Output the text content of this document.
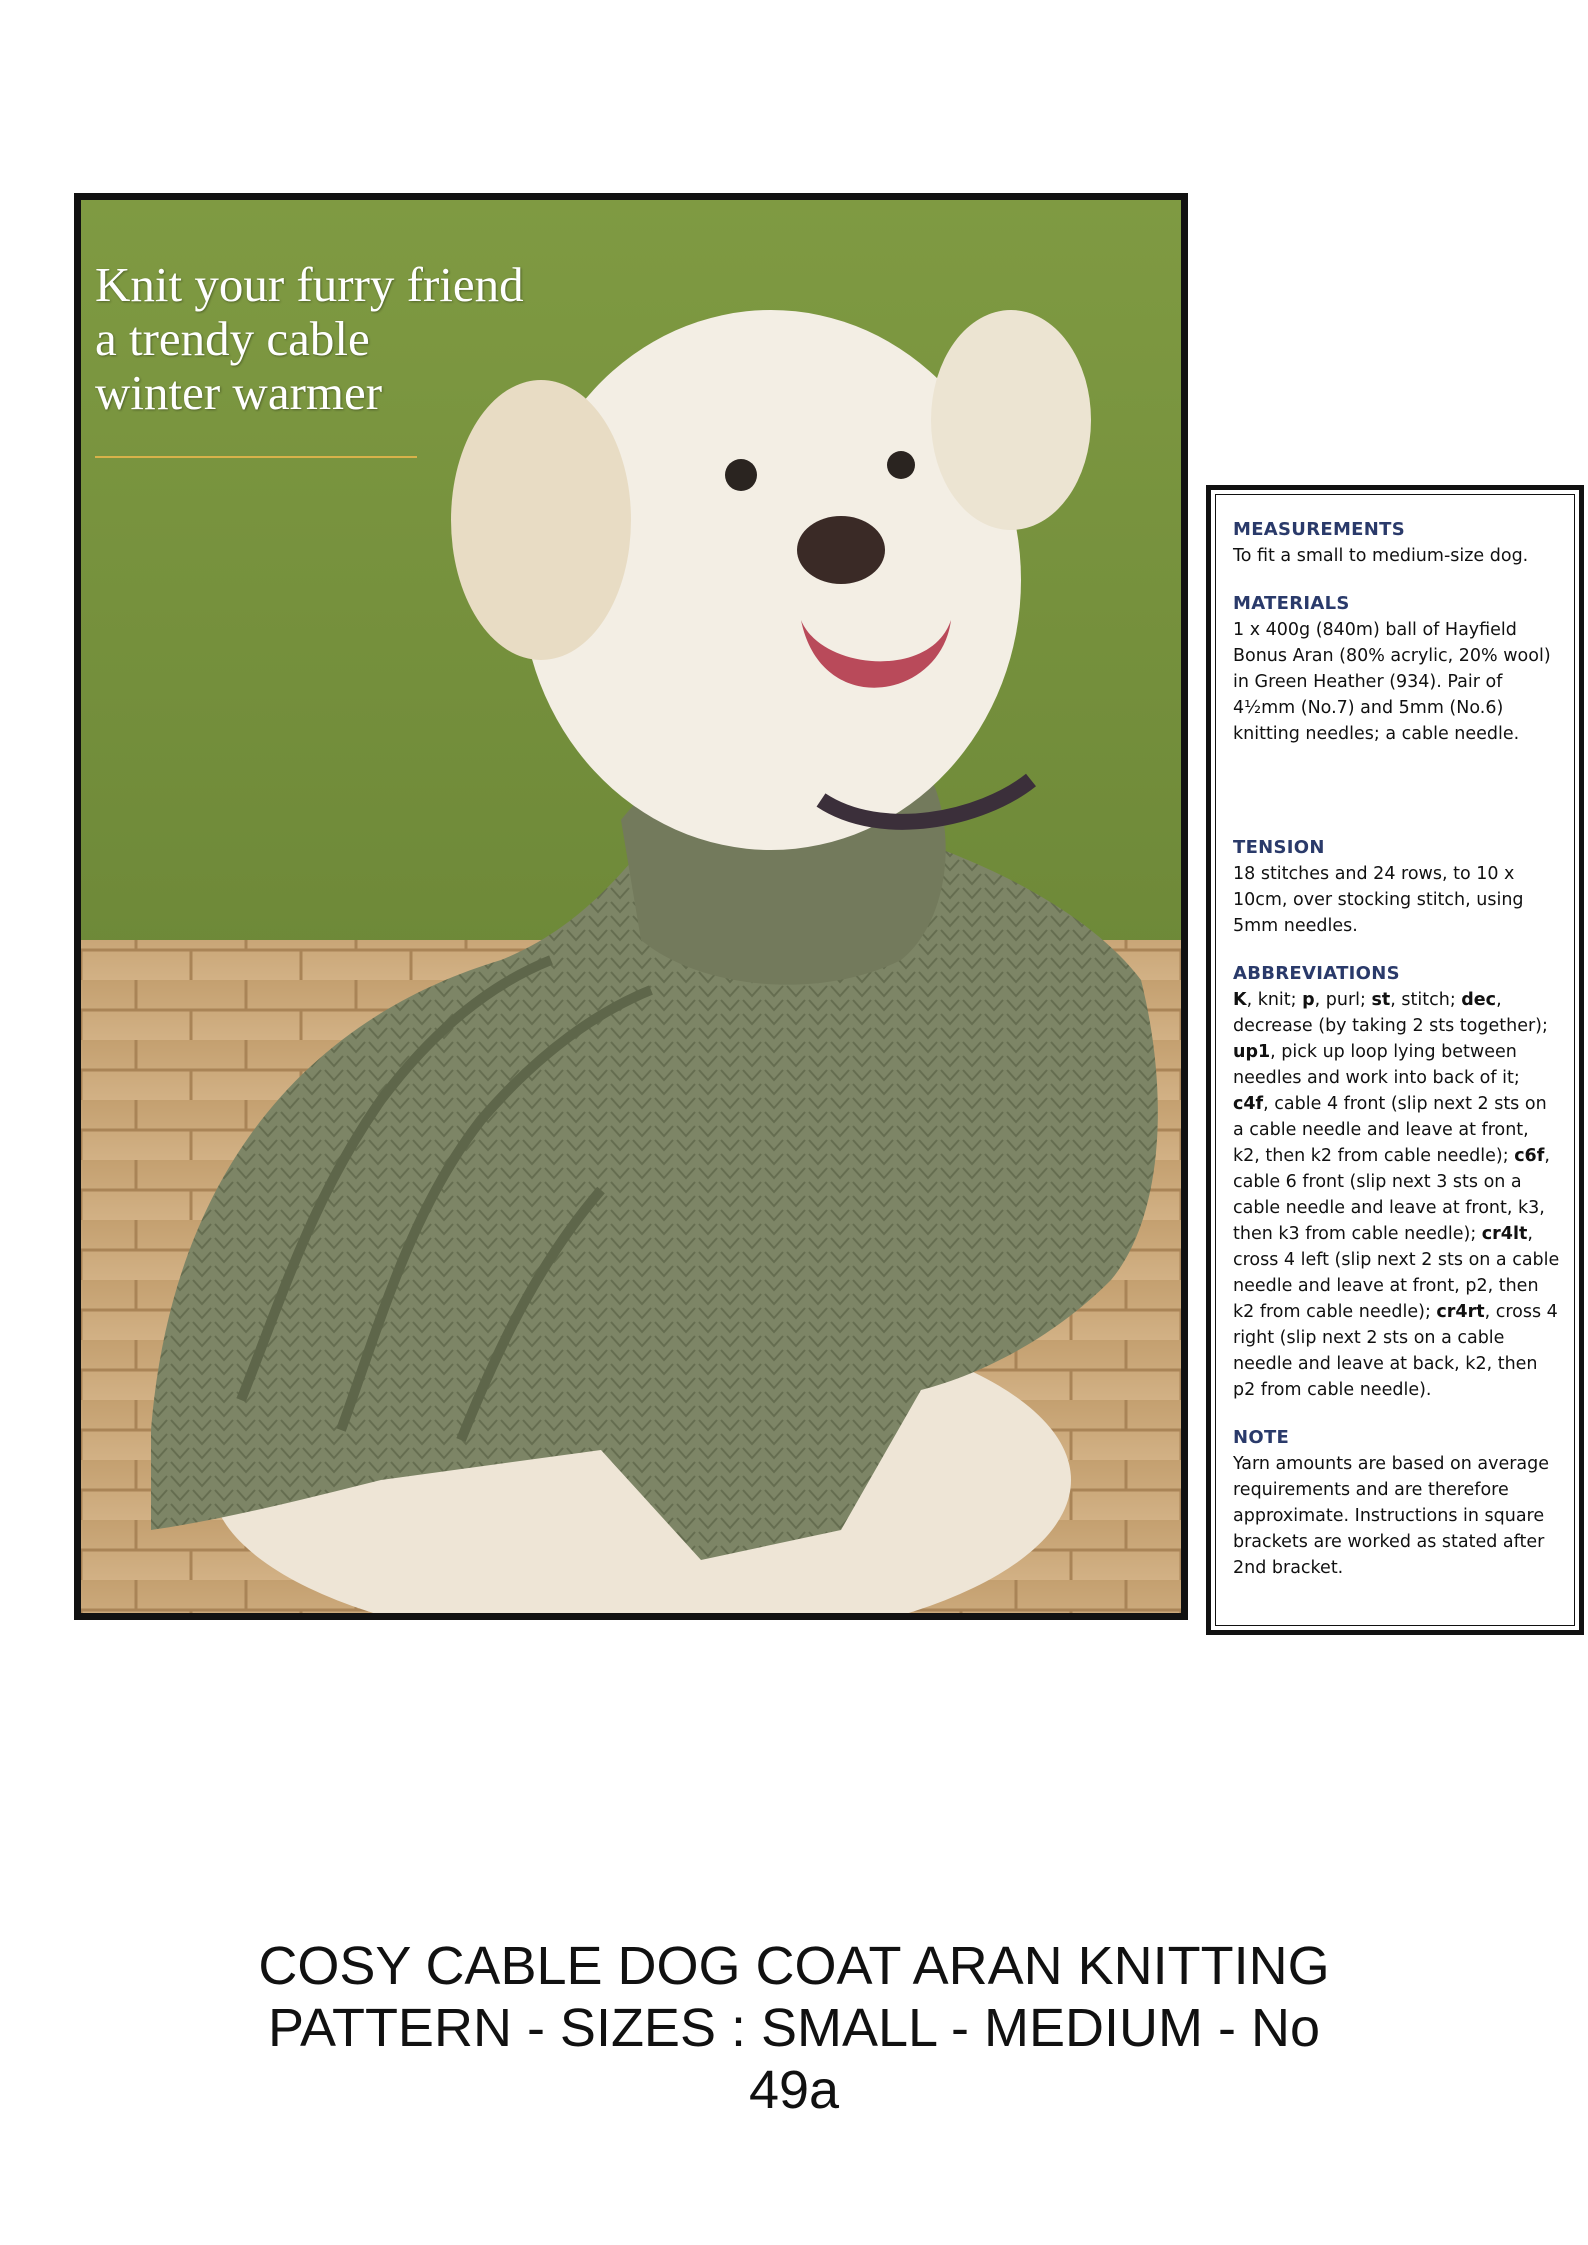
Knit your furry friend
a trendy cable
winter warmer
MEASUREMENTS

To fit a small to medium-size dog.

MATERIALS

1 x 400g (840m) ball of Hayfield Bonus Aran (80% acrylic, 20% wool) in Green Heather (934). Pair of 4½mm (No.7) and 5mm (No.6) knitting needles; a cable needle.

TENSION

18 stitches and 24 rows, to 10 x 10cm, over stocking stitch, using 5mm needles.

ABBREVIATIONS

K, knit; p, purl; st, stitch; dec, decrease (by taking 2 sts together); up1, pick up loop lying between needles and work into back of it; c4f, cable 4 front (slip next 2 sts on a cable needle and leave at front, k2, then k2 from cable needle); c6f, cable 6 front (slip next 3 sts on a cable needle and leave at front, k3, then k3 from cable needle); cr4lt, cross 4 left (slip next 2 sts on a cable needle and leave at front, p2, then k2 from cable needle); cr4rt, cross 4 right (slip next 2 sts on a cable needle and leave at back, k2, then p2 from cable needle).

NOTE

Yarn amounts are based on average requirements and are therefore approximate. Instructions in square brackets are worked as stated after 2nd bracket.

COSY CABLE DOG COAT ARAN KNITTING
PATTERN - SIZES : SMALL - MEDIUM - No
49a
